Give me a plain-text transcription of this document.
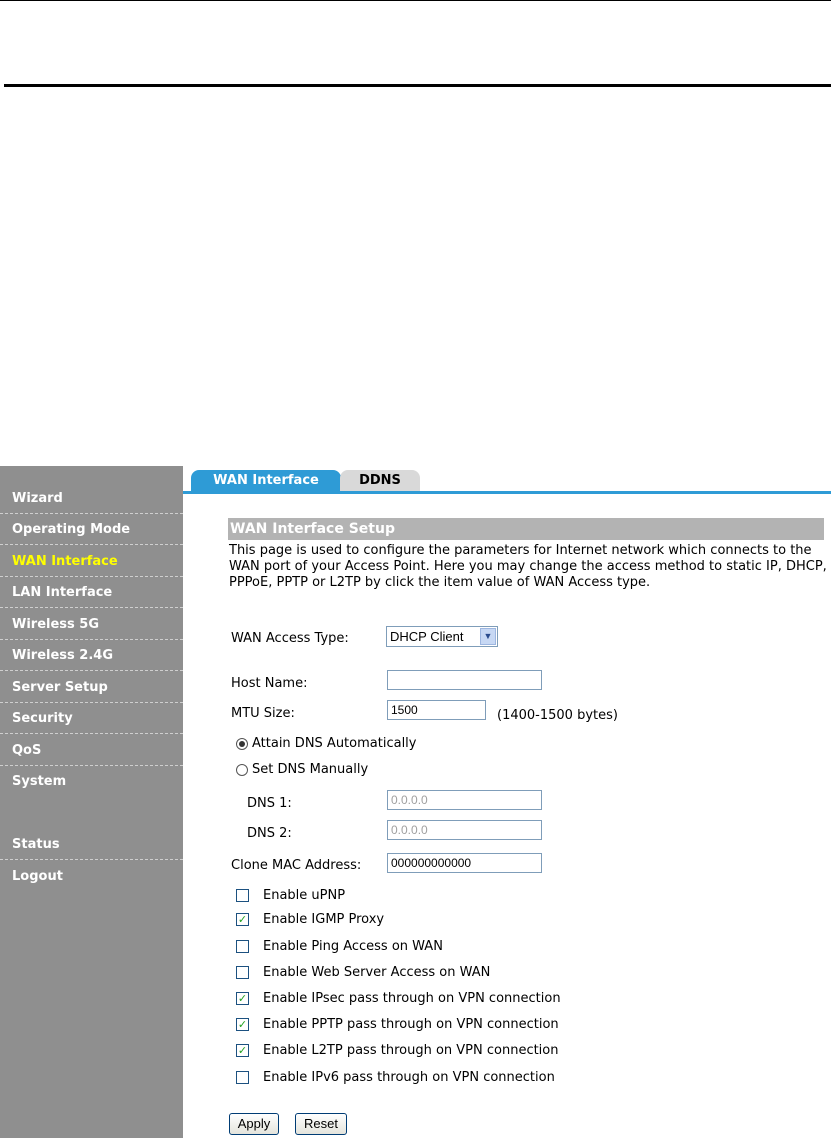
Wizard
Operating Mode
WAN Interface
LAN Interface
Wireless 5G
Wireless 2.4G
Server Setup
Security
QoS
System
Status
Logout
WAN Interface	DDNS
WAN Interface Setup
This page is used to configure the parameters for Internet network which connects to the WAN port of your Access Point. Here you may change the access method to static IP, DHCP, PPPoE, PPTP or L2TP by click the item value of WAN Access type.
WAN Access Type:	DHCP Client	▼
Host Name:
MTU Size:	1500	(1400-1500 bytes)
Attain DNS Automatically
Set DNS Manually
DNS 1:	0.0.0.0
DNS 2:	0.0.0.0
Clone MAC Address:	000000000000
Enable uPNP
✓ Enable IGMP Proxy
Enable Ping Access on WAN
Enable Web Server Access on WAN
✓ Enable IPsec pass through on VPN connection
✓ Enable PPTP pass through on VPN connection
✓ Enable L2TP pass through on VPN connection
Enable IPv6 pass through on VPN connection
Apply	Reset
